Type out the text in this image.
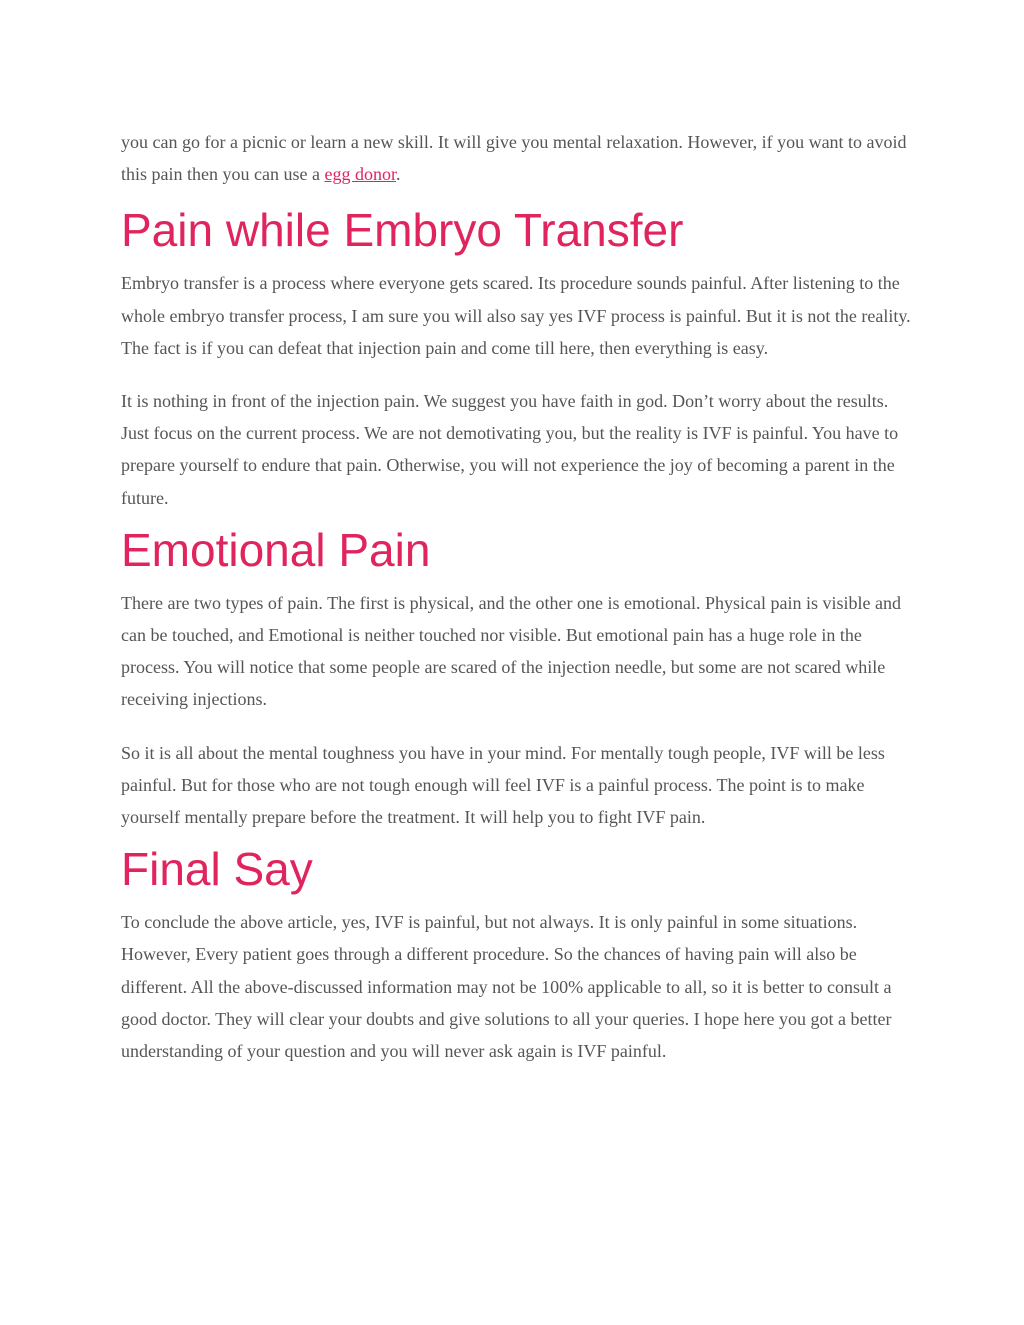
you can go for a picnic or learn a new skill. It will give you mental relaxation. However, if you want to avoid this pain then you can use a egg donor.

Pain while Embryo Transfer

Embryo transfer is a process where everyone gets scared. Its procedure sounds painful. After listening to the whole embryo transfer process, I am sure you will also say yes IVF process is painful. But it is not the reality. The fact is if you can defeat that injection pain and come till here, then everything is easy.

It is nothing in front of the injection pain. We suggest you have faith in god. Don’t worry about the results. Just focus on the current process. We are not demotivating you, but the reality is IVF is painful. You have to prepare yourself to endure that pain. Otherwise, you will not experience the joy of becoming a parent in the future.

Emotional Pain

There are two types of pain. The first is physical, and the other one is emotional. Physical pain is visible and can be touched, and Emotional is neither touched nor visible. But emotional pain has a huge role in the process. You will notice that some people are scared of the injection needle, but some are not scared while receiving injections.

So it is all about the mental toughness you have in your mind. For mentally tough people, IVF will be less painful. But for those who are not tough enough will feel IVF is a painful process. The point is to make yourself mentally prepare before the treatment. It will help you to fight IVF pain.

Final Say

To conclude the above article, yes, IVF is painful, but not always. It is only painful in some situations. However, Every patient goes through a different procedure. So the chances of having pain will also be different. All the above-discussed information may not be 100% applicable to all, so it is better to consult a good doctor. They will clear your doubts and give solutions to all your queries. I hope here you got a better understanding of your question and you will never ask again is IVF painful.
